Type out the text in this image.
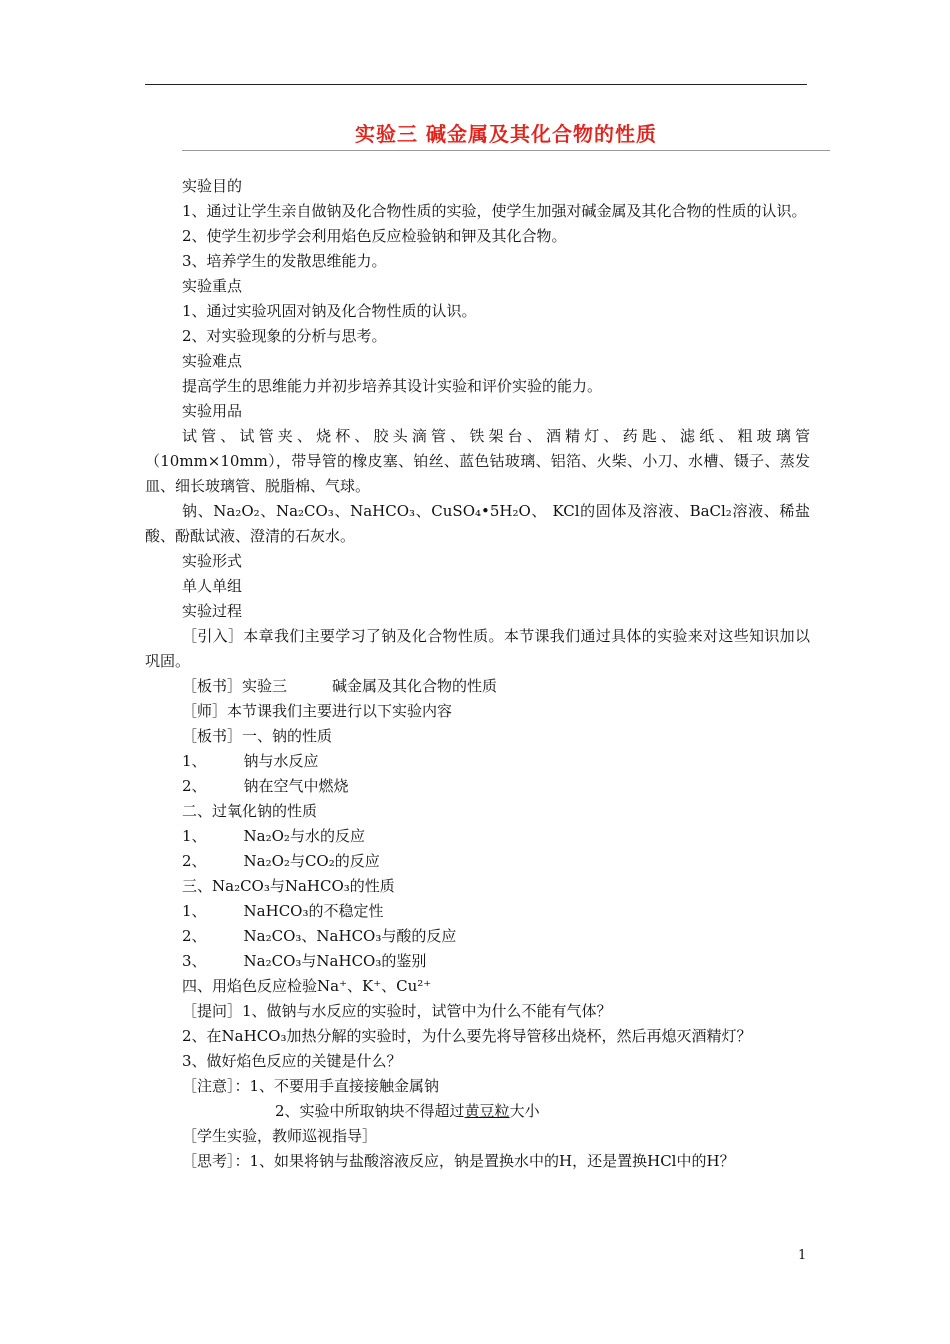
实验三 碱金属及其化合物的性质

实验目的

1、通过让学生亲自做钠及化合物性质的实验，使学生加强对碱金属及其化合物的性质的认识。

2、使学生初步学会利用焰色反应检验钠和钾及其化合物。

3、培养学生的发散思维能力。

实验重点

1、通过实验巩固对钠及化合物性质的认识。

2、对实验现象的分析与思考。

实验难点

提高学生的思维能力并初步培养其设计实验和评价实验的能力。

实验用品

试管、试管夹、烧杯、胶头滴管、铁架台、酒精灯、药匙、滤纸、粗玻璃管（10mm×10mm），带导管的橡皮塞、铂丝、蓝色钴玻璃、铝箔、火柴、小刀、水槽、镊子、蒸发皿、细长玻璃管、脱脂棉、气球。

钠、Na₂O₂、Na₂CO₃、NaHCO₃、CuSO₄•5H₂O、 KCl的固体及溶液、BaCl₂溶液、稀盐酸、酚酞试液、澄清的石灰水。

实验形式

单人单组

实验过程

［引入］本章我们主要学习了钠及化合物性质。本节课我们通过具体的实验来对这些知识加以巩固。

［板书］实验三	碱金属及其化合物的性质

［师］本节课我们主要进行以下实验内容

［板书］一、钠的性质

1、 钠与水反应

2、 钠在空气中燃烧

二、过氧化钠的性质

1、 Na₂O₂与水的反应

2、 Na₂O₂与CO₂的反应

三、Na₂CO₃与NaHCO₃的性质

1、 NaHCO₃的不稳定性

2、 Na₂CO₃、NaHCO₃与酸的反应

3、 Na₂CO₃与NaHCO₃的鉴别

四、用焰色反应检验Na⁺、K⁺、Cu²⁺

［提问］1、做钠与水反应的实验时，试管中为什么不能有气体？

2、在NaHCO₃加热分解的实验时，为什么要先将导管移出烧杯，然后再熄灭酒精灯？

3、做好焰色反应的关键是什么？

［注意］：1、不要用手直接接触金属钠

2、实验中所取钠块不得超过黄豆粒大小

［学生实验，教师巡视指导］

［思考］：1、如果将钠与盐酸溶液反应，钠是置换水中的H，还是置换HCl中的H？

1
